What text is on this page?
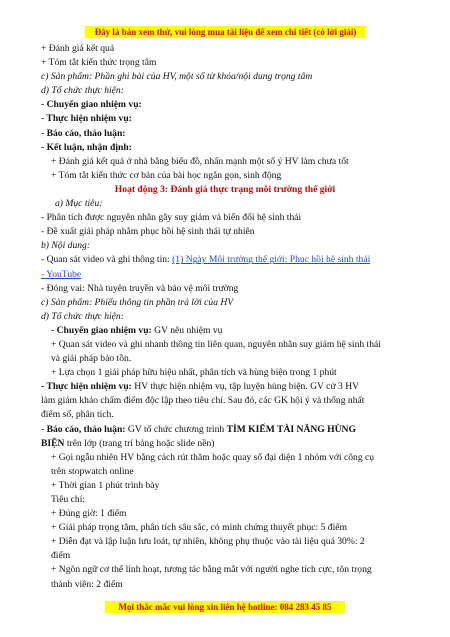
Đây là bản xem thử, vui lòng mua tài liệu để xem chi tiết (có lời giải)
+ Đánh giá kết quả
+ Tóm tắt kiến thức trọng tâm
c) Sản phẩm: Phần ghi bài của HV, một số từ khóa/nội dung trọng tâm
d) Tổ chức thực hiện:
- Chuyển giao nhiệm vụ:
- Thực hiện nhiệm vụ:
- Báo cáo, thảo luận:
- Kết luận, nhận định:
+ Đánh giá kết quả ở nhà bằng biểu đồ, nhấn mạnh một số ý HV làm chưa tốt
+ Tóm tắt kiến thức cơ bản của bài học ngắn gọn, sinh động
Hoạt động 3: Đánh giá thực trạng môi trường thế giới
a) Mục tiêu:
- Phân tích được nguyên nhân gây suy giảm và biến đổi hệ sinh thái
- Đề xuất giải pháp nhằm phục hồi hệ sinh thái tự nhiên
b) Nội dung:
- Quan sát video và ghi thông tin: (1) Ngày Môi trường thế giới: Phục hồi hệ sinh thái
- YouTube
- Đóng vai: Nhà tuyên truyền và bảo vệ môi trường
c) Sản phẩm: Phiếu thông tin phần trả lời của HV
d) Tổ chức thực hiện:
- Chuyển giao nhiệm vụ: GV nêu nhiệm vụ
+ Quan sát video và ghi nhanh thông tin liên quan, nguyên nhân suy giảm hệ sinh thái
và giải pháp bảo tồn.
+ Lựa chọn 1 giải pháp hữu hiệu nhất, phân tích và hùng biện trong 1 phút
- Thực hiện nhiệm vụ: HV thực hiện nhiệm vụ, tập luyện hùng biện. GV cử 3 HV
làm giám khảo chấm điểm độc lập theo tiêu chí. Sau đó, các GK hội ý và thống nhất
điểm số, phân tích.
- Báo cáo, thảo luận: GV tổ chức chương trình TÌM KIẾM TÀI NĂNG HÙNG
BIỆN trên lớp (trang trí bảng hoặc slide nền)
+ Gọi ngẫu nhiên HV bằng cách rút thăm hoặc quay số đại diện 1 nhóm với công cụ
trên stopwatch online
+ Thời gian 1 phút trình bày
Tiêu chí:
+ Đúng giờ: 1 điểm
+ Giải pháp trọng tâm, phân tích sâu sắc, có minh chứng thuyết phục: 5 điểm
+ Diễn đạt và lập luận lưu loát, tự nhiên, không phụ thuộc vào tài liệu quá 30%: 2
điểm
+ Ngôn ngữ cơ thể linh hoạt, tương tác bằng mắt với người nghe tích cực, tôn trọng
thành viên: 2 điểm
Mọi thắc mắc vui lòng xin liên hệ hotline: 084 283 45 85
